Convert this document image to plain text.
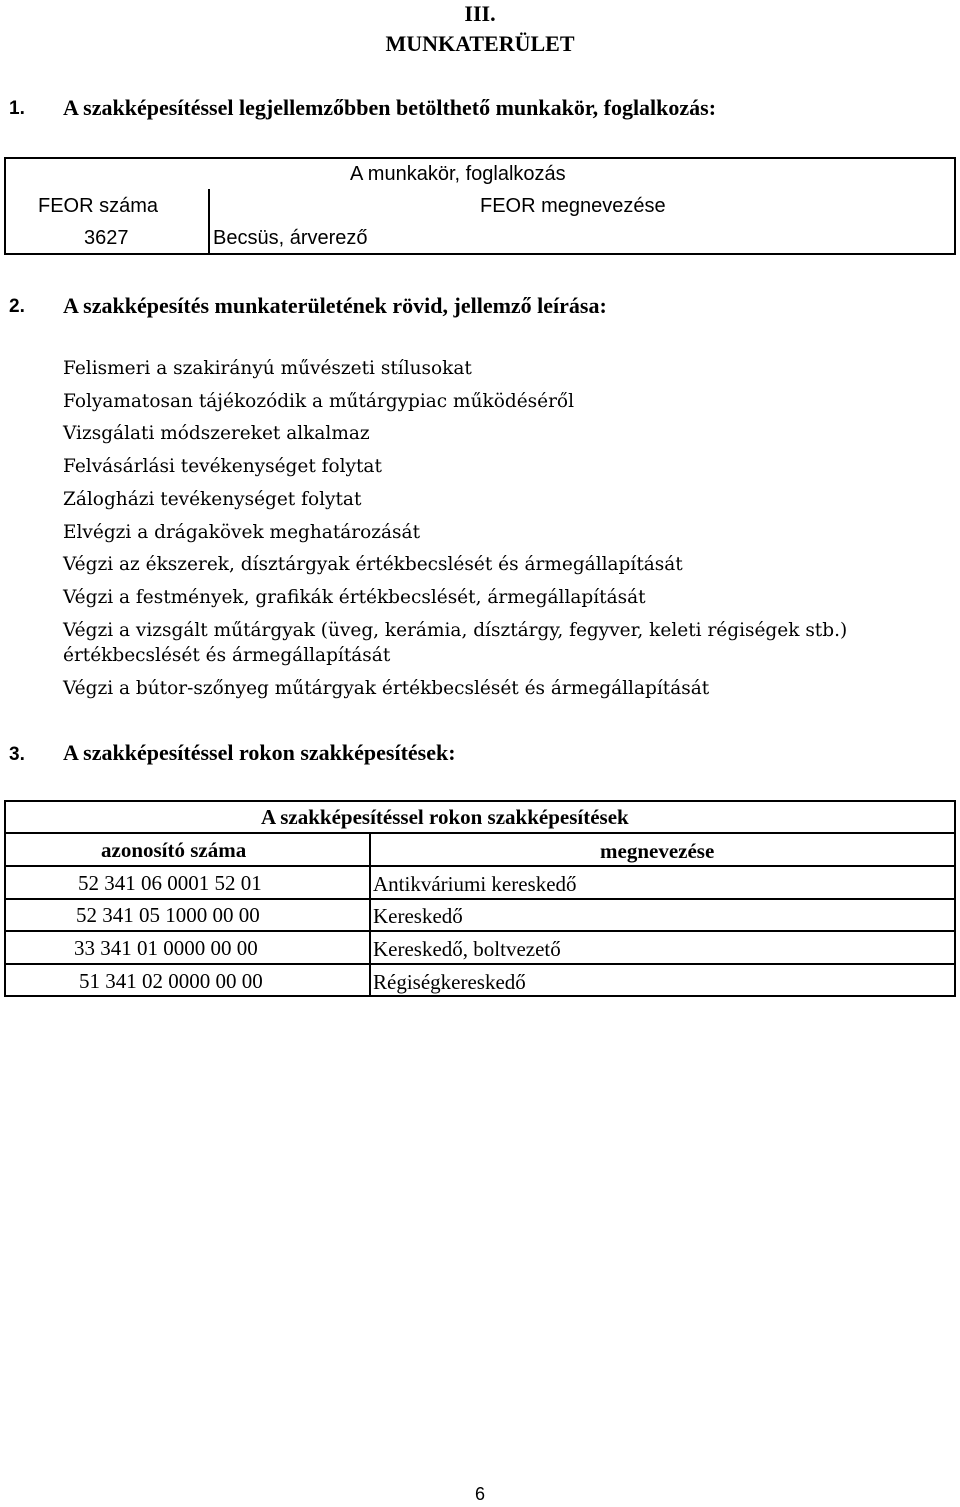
III.
MUNKATERÜLET
1. A szakképesítéssel legjellemzőbben betölthető munkakör, foglalkozás:
A munkakör, foglalkozás
FEOR száma	FEOR megnevezése
3627	Becsüs, árverező
2. A szakképesítés munkaterületének rövid, jellemző leírása:
Felismeri a szakirányú művészeti stílusokat
Folyamatosan tájékozódik a műtárgypiac működéséről
Vizsgálati módszereket alkalmaz
Felvásárlási tevékenységet folytat
Zálogházi tevékenységet folytat
Elvégzi a drágakövek meghatározását
Végzi az ékszerek, dísztárgyak értékbecslését és ármegállapítását
Végzi a festmények, grafikák értékbecslését, ármegállapítását
Végzi a vizsgált műtárgyak (üveg, kerámia, dísztárgy, fegyver, keleti régiségek stb.)
értékbecslését és ármegállapítását
Végzi a bútor-szőnyeg műtárgyak értékbecslését és ármegállapítását
3. A szakképesítéssel rokon szakképesítések:
A szakképesítéssel rokon szakképesítések
azonosító száma	megnevezése
52 341 06 0001 52 01	Antikváriumi kereskedő
52 341 05 1000 00 00	Kereskedő
33 341 01 0000 00 00	Kereskedő, boltvezető
51 341 02 0000 00 00	Régiségkereskedő
6
